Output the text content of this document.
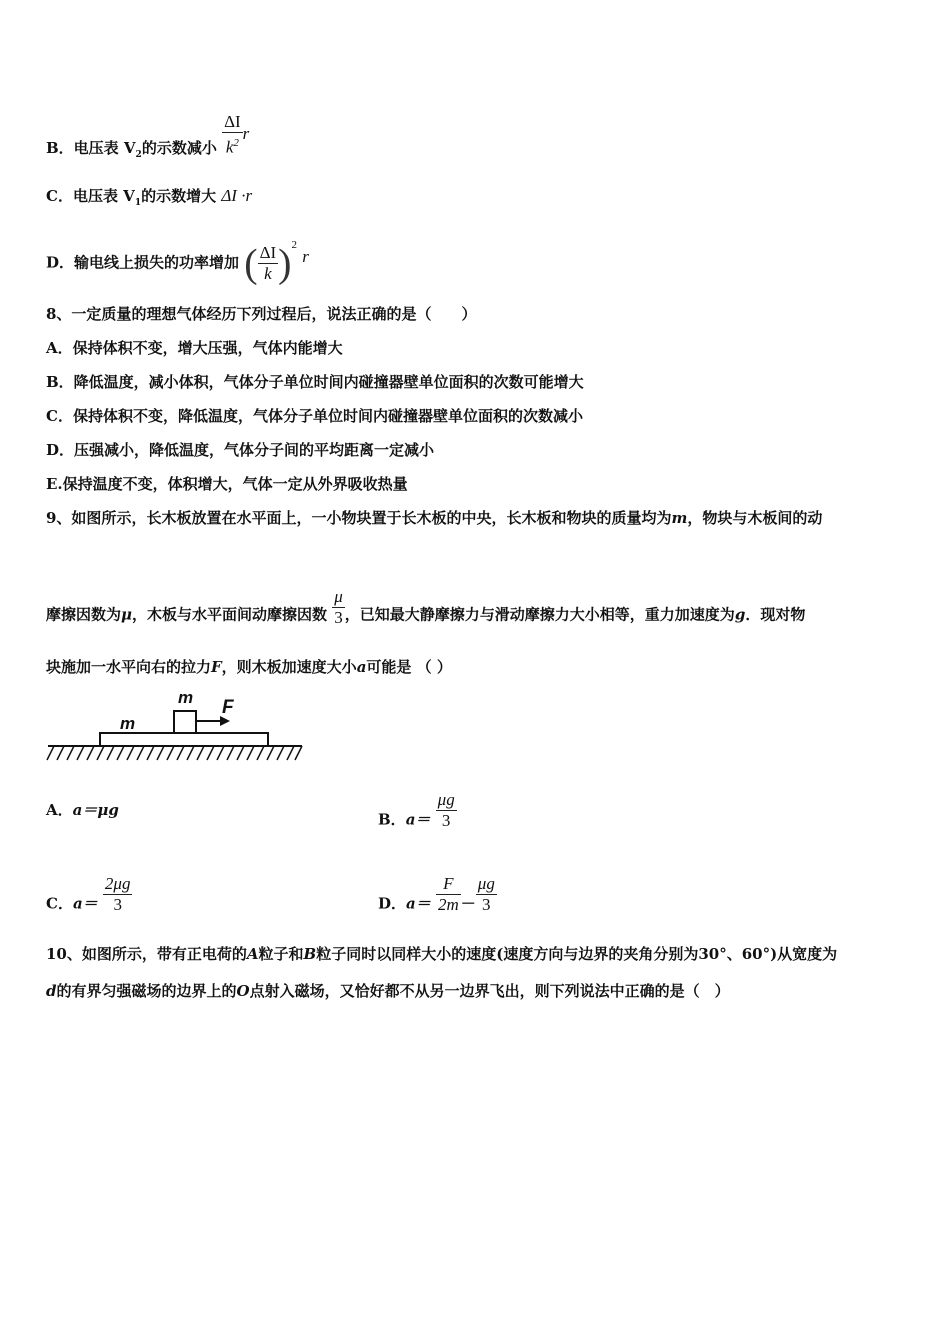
B．电压表 $V_2$的示数减小 $\frac{\Delta I}{k^2}$ r
C．电压表 $V_1$的示数增大 ΔI ·r
D．输电线上损失的功率增加 ( $\frac{\Delta I}{k} )^2$ r
8、一定质量的理想气体经历下列过程后，说法正确的是（　　）
A．保持体积不变，增大压强，气体内能增大
B．降低温度，减小体积，气体分子单位时间内碰撞器壁单位面积的次数可能增大
C．保持体积不变，降低温度，气体分子单位时间内碰撞器壁单位面积的次数减小
D．压强减小，降低温度，气体分子间的平均距离一定减小
E.保持温度不变，体积增大，气体一定从外界吸收热量
9、如图所示，长木板放置在水平面上，一小物块置于长木板的中央，长木板和物块的质量均为m，物块与木板间的动
摩擦因数为μ，木板与水平面间动摩擦因数 $\frac{\mu}{3}$ ，已知最大静摩擦力与滑动摩擦力大小相等，重力加速度为g．现对物
块施加一水平向右的拉力F，则木板加速度大小a可能是 （ ）
m
m
F
A．a＝μg
B．$a= \frac{\mu g}{3}$
C．$a= \frac{2\mu g}{3}$	D．$a= \frac{F}{2m} - \frac{\mu g}{3}$
10、如图所示，带有正电荷的A粒子和B粒子同时以同样大小的速度(速度方向与边界的夹角分别为30°、60°)从宽度为
d的有界匀强磁场的边界上的O点射入磁场，又恰好都不从另一边界飞出，则下列说法中正确的是（　）
